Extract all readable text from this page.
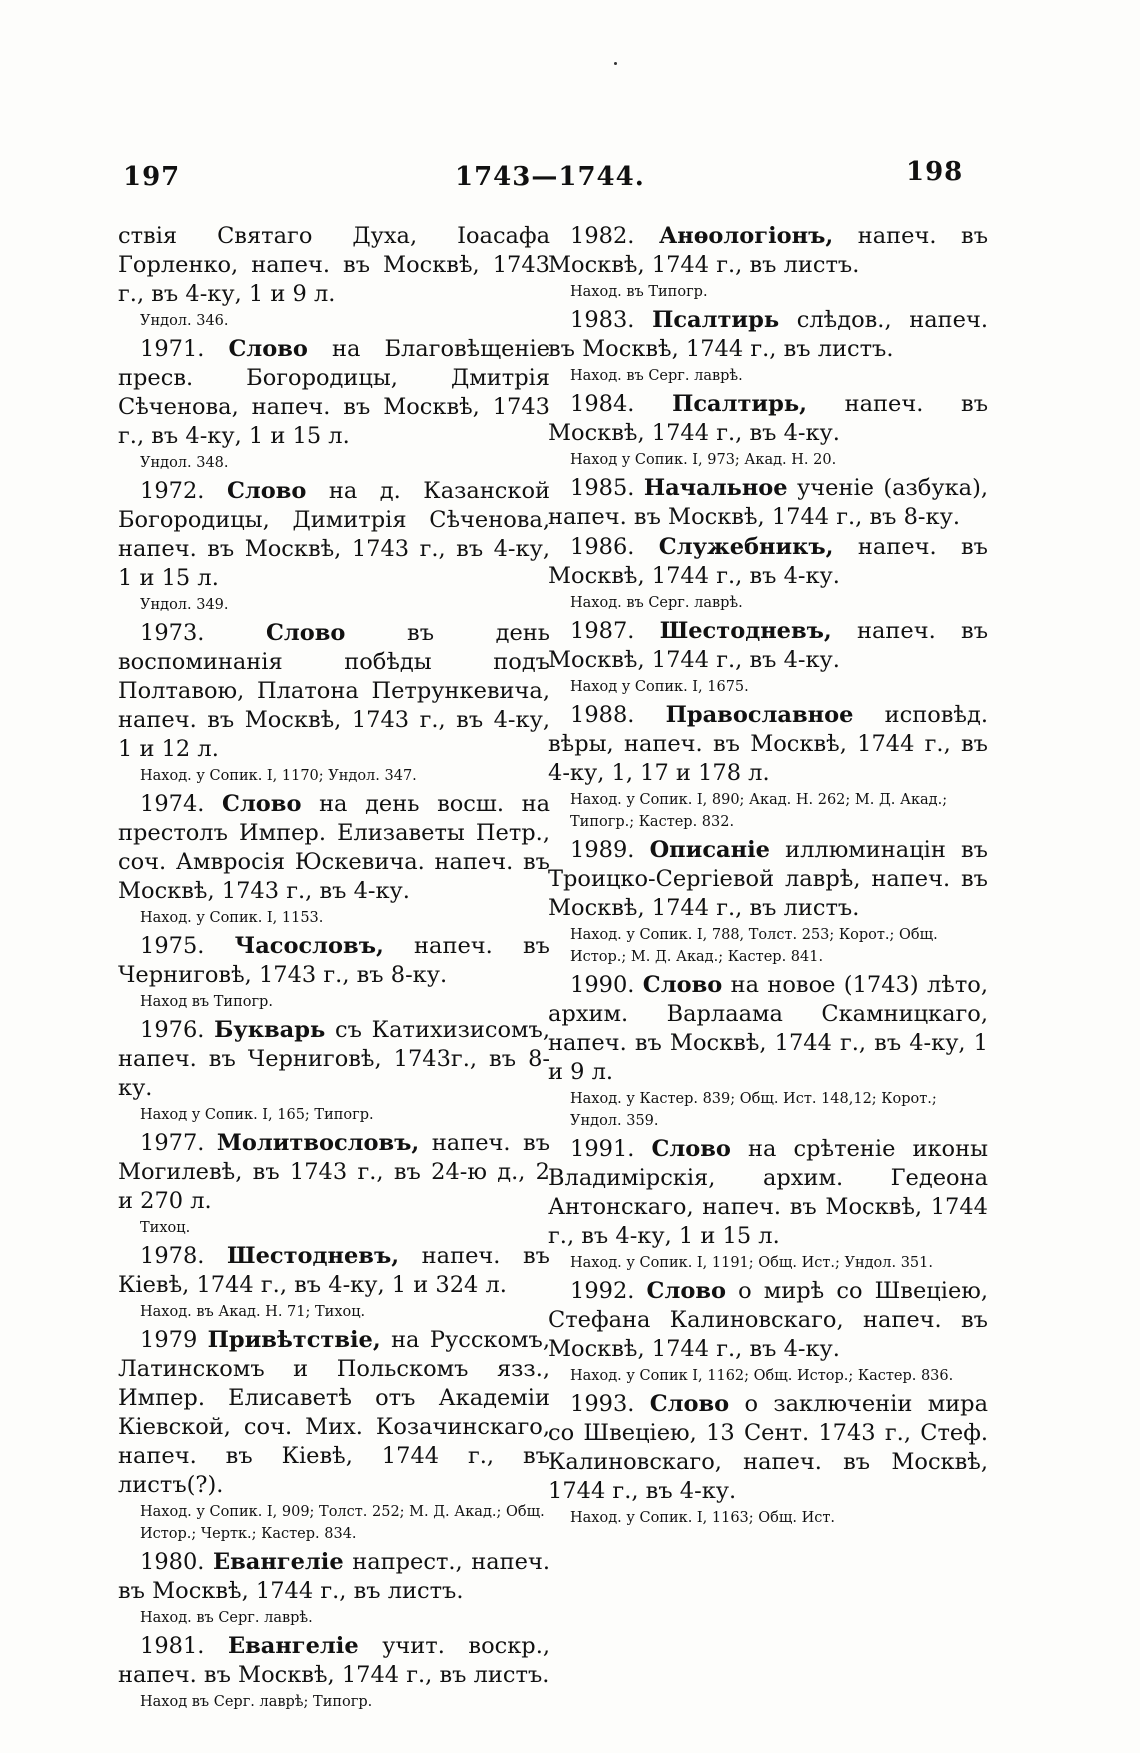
197	1743—1744.	198
ствія Святаго Духа, Іоасафа Горленко, напеч. въ Москвѣ, 1743 г., въ 4-ку, 1 и 9 л.
Ундол. 346.
1971. Слово на Благовѣщеніе пресв. Богородицы, Дмитрія Сѣченова, напеч. въ Москвѣ, 1743 г., въ 4-ку, 1 и 15 л.
Ундол. 348.
1972. Слово на д. Казанской Богородицы, Димитрія Сѣченова, напеч. въ Москвѣ, 1743 г., въ 4-ку, 1 и 15 л.
Ундол. 349.
1973.	Слово	въ день воспоминанія побѣды подъ Полтавою, Платона Петрункевича, напеч. въ Москвѣ, 1743 г., въ 4-ку, 1 и 12 л.
Наход. у Сопик. I, 1170; Ундол. 347.
1974. Слово на день восш. на престолъ Импер. Елизаветы Петр., соч. Амвросія Юскевича. напеч. въ Москвѣ, 1743 г., въ 4-ку.
Наход. у Сопик. I, 1153.
1975. Часословъ, напеч. въ Черниговѣ, 1743 г., въ 8-ку.
Наход въ Типогр.
1976. Букварь съ Катихизисомъ, напеч. въ Черниговѣ, 1743г., въ 8-ку.
Наход у Сопик. I, 165; Типогр.
1977. Молитвословъ, напеч. въ Могилевѣ, въ 1743 г., въ 24-ю д., 2 и 270 л.
Тихоц.
1978. Шестодневъ, напеч. въ Кіевѣ, 1744 г., въ 4-ку, 1 и 324 л.
Наход. въ Акад. Н. 71; Тихоц.
1979 Привѣтствіе, на Русскомъ, Латинскомъ и Польскомъ язз., Импер. Елисаветѣ отъ Академіи Кіевской, соч. Мих. Козачинскаго, напеч. въ Кіевѣ, 1744 г., въ листъ(?).
Наход. у Сопик. I, 909; Толст. 252; М. Д. Акад.; Общ. Истор.; Чертк.; Кастер. 834.
1980. Евангеліе напрест., напеч. въ Москвѣ, 1744 г., въ листъ.
Наход. въ Серг. лаврѣ.
1981. Евангеліе учит. воскр., напеч. въ Москвѣ, 1744 г., въ листъ.
Наход въ Серг. лаврѣ; Типогр.
1982. Анѳологіонъ, напеч. въ Москвѣ, 1744 г., въ листъ.
Наход. въ Типогр.
1983. Псалтирь слѣдов., напеч. въ Москвѣ, 1744 г., въ листъ.
Наход. въ Серг. лаврѣ.
1984. Псалтирь, напеч. въ Москвѣ, 1744 г., въ 4-ку.
Наход у Сопик. I, 973; Акад. Н. 20.
1985. Начальное ученіе (азбука), напеч. въ Москвѣ, 1744 г., въ 8-ку.
1986. Служебникъ, напеч. въ Москвѣ, 1744 г., въ 4-ку.
Наход. въ Серг. лаврѣ.
1987. Шестодневъ, напеч. въ Москвѣ, 1744 г., въ 4-ку.
Наход у Сопик. I, 1675.
1988. Православное исповѣд. вѣры, напеч. въ Москвѣ, 1744 г., въ 4-ку, 1, 17 и 178 л.
Наход. у Сопик. I, 890; Акад. Н. 262; М. Д. Акад.; Типогр.; Кастер. 832.
1989. Описаніе иллюминацін въ Троицко-Сергіевой лаврѣ, напеч. въ Москвѣ, 1744 г., въ листъ.
Наход. у Сопик. I, 788, Толст. 253; Корот.; Общ. Истор.; М. Д. Акад.; Кастер. 841.
1990. Слово на новое (1743) лѣто, архим. Варлаама Скамницкаго, напеч. въ Москвѣ, 1744 г., въ 4-ку, 1 и 9 л.
Наход. у Кастер. 839; Общ. Ист. 148,12; Корот.; Ундол. 359.
1991. Слово на срѣтеніе иконы Владимірскія, архим. Гедеона Антонскаго, напеч. въ Москвѣ, 1744 г., въ 4-ку, 1 и 15 л.
Наход. у Сопик. I, 1191; Общ. Ист.; Ундол. 351.
1992. Слово о мирѣ со Швеціею, Стефана Калиновскаго, напеч. въ Москвѣ, 1744 г., въ 4-ку.
Наход. у Сопик I, 1162; Общ. Истор.; Кастер. 836.
1993. Слово о заключеніи мира со Швеціею, 13 Сент. 1743 г., Стеф. Калиновскаго, напеч. въ Москвѣ, 1744 г., въ 4-ку.
Наход. у Сопик. I, 1163; Общ. Ист.
